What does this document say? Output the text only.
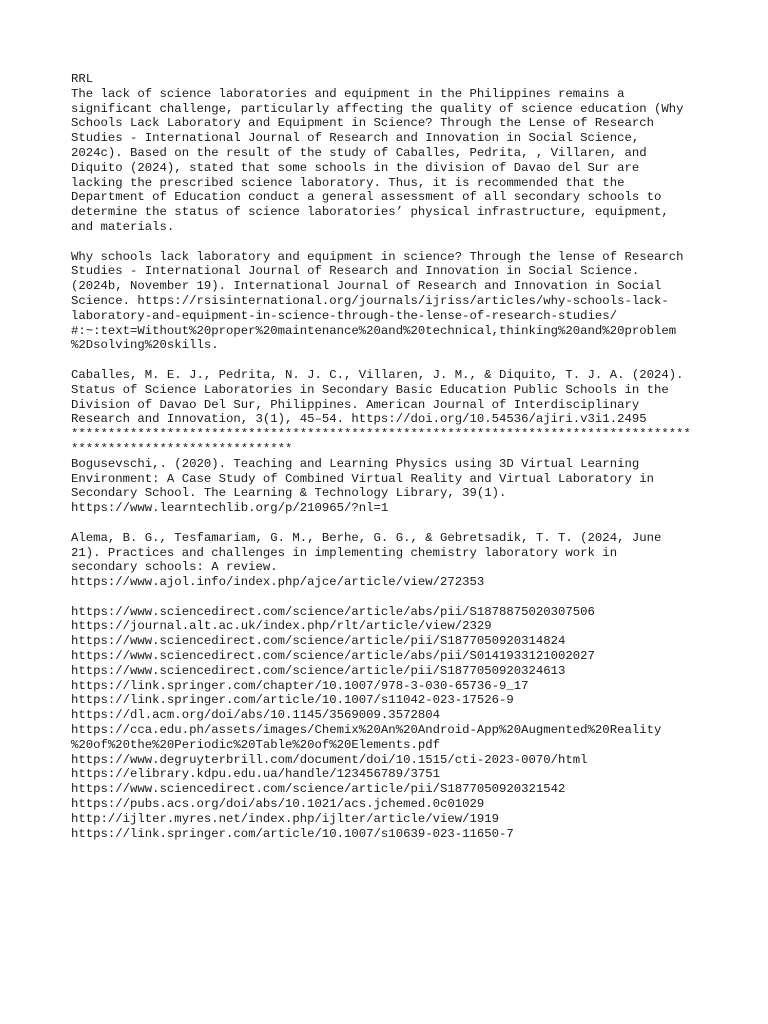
RRL
The lack of science laboratories and equipment in the Philippines remains a
significant challenge, particularly affecting the quality of science education (Why
Schools Lack Laboratory and Equipment in Science? Through the Lense of Research
Studies - International Journal of Research and Innovation in Social Science,
2024c). Based on the result of the study of Caballes, Pedrita, , Villaren, and
Diquito (2024), stated that some schools in the division of Davao del Sur are
lacking the prescribed science laboratory. Thus, it is recommended that the
Department of Education conduct a general assessment of all secondary schools to
determine the status of science laboratories’ physical infrastructure, equipment,
and materials.
Why schools lack laboratory and equipment in science? Through the lense of Research
Studies - International Journal of Research and Innovation in Social Science.
(2024b, November 19). International Journal of Research and Innovation in Social
Science. https://rsisinternational.org/journals/ijriss/articles/why-schools-lack-
laboratory-and-equipment-in-science-through-the-lense-of-research-studies/
#:~:text=Without%20proper%20maintenance%20and%20technical,thinking%20and%20problem
%2Dsolving%20skills.
Caballes, M. E. J., Pedrita, N. J. C., Villaren, J. M., & Diquito, T. J. A. (2024).
Status of Science Laboratories in Secondary Basic Education Public Schools in the
Division of Davao Del Sur, Philippines. American Journal of Interdisciplinary
Research and Innovation, 3(1), 45–54. https://doi.org/10.54536/ajiri.v3i1.2495
************************************************************************************
******************************
Bogusevschi,. (2020). Teaching and Learning Physics using 3D Virtual Learning
Environment: A Case Study of Combined Virtual Reality and Virtual Laboratory in
Secondary School. The Learning & Technology Library, 39(1).
https://www.learntechlib.org/p/210965/?nl=1
Alema, B. G., Tesfamariam, G. M., Berhe, G. G., & Gebretsadik, T. T. (2024, June
21). Practices and challenges in implementing chemistry laboratory work in
secondary schools: A review.
https://www.ajol.info/index.php/ajce/article/view/272353
https://www.sciencedirect.com/science/article/abs/pii/S1878875020307506
https://journal.alt.ac.uk/index.php/rlt/article/view/2329
https://www.sciencedirect.com/science/article/pii/S1877050920314824
https://www.sciencedirect.com/science/article/abs/pii/S0141933121002027
https://www.sciencedirect.com/science/article/pii/S1877050920324613
https://link.springer.com/chapter/10.1007/978-3-030-65736-9_17
https://link.springer.com/article/10.1007/s11042-023-17526-9
https://dl.acm.org/doi/abs/10.1145/3569009.3572804
https://cca.edu.ph/assets/images/Chemix%20An%20Android-App%20Augmented%20Reality
%20of%20the%20Periodic%20Table%20of%20Elements.pdf
https://www.degruyterbrill.com/document/doi/10.1515/cti-2023-0070/html
https://elibrary.kdpu.edu.ua/handle/123456789/3751
https://www.sciencedirect.com/science/article/pii/S1877050920321542
https://pubs.acs.org/doi/abs/10.1021/acs.jchemed.0c01029
http://ijlter.myres.net/index.php/ijlter/article/view/1919
https://link.springer.com/article/10.1007/s10639-023-11650-7
